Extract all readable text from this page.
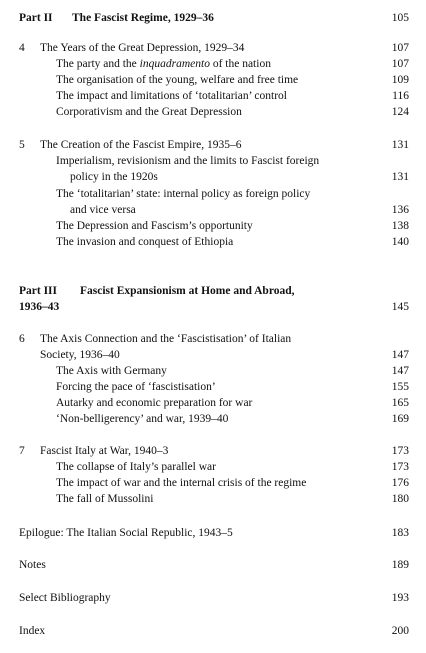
Part II The Fascist Regime, 1929–36	105
4 The Years of the Great Depression, 1929–34	107
The party and the inquadramento of the nation	107
The organisation of the young, welfare and free time	109
The impact and limitations of ‘totalitarian’ control	116
Corporativism and the Great Depression	124
5 The Creation of the Fascist Empire, 1935–6	131
Imperialism, revisionism and the limits to Fascist foreign
policy in the 1920s	131
The ‘totalitarian’ state: internal policy as foreign policy
and vice versa	136
The Depression and Fascism’s opportunity	138
The invasion and conquest of Ethiopia	140
Part III Fascist Expansionism at Home and Abroad,
1936–43	145
6 The Axis Connection and the ‘Fascistisation’ of Italian
Society, 1936–40	147
The Axis with Germany	147
Forcing the pace of ‘fascistisation’	155
Autarky and economic preparation for war	165
‘Non-belligerency’ and war, 1939–40	169
7 Fascist Italy at War, 1940–3	173
The collapse of Italy’s parallel war	173
The impact of war and the internal crisis of the regime	176
The fall of Mussolini	180
Epilogue: The Italian Social Republic, 1943–5	183
Notes	189
Select Bibliography	193
Index	200
